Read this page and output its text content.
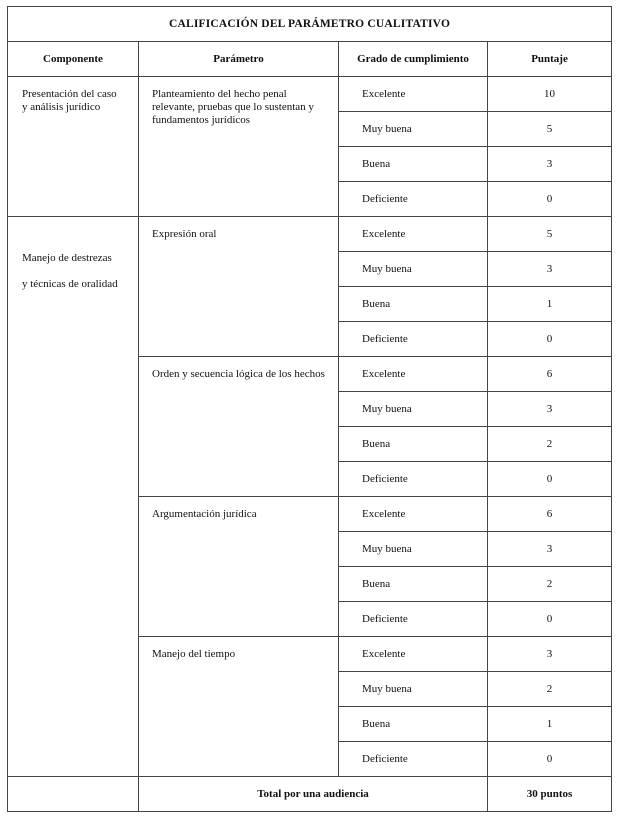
CALIFICACIÓN DEL PARÁMETRO CUALITATIVO			
Componente	Parámetro	Grado de cumplimiento	Puntaje

Presentación del caso
y análisis jurídico	Planteamiento del hecho penal relevante, pruebas que lo sustentan y fundamentos jurídicos	Excelente	10
		Muy buena	5
		Buena	3
		Deficiente	0

Manejo de destrezas
y técnicas de oralidad	Expresión oral	Excelente	5
		Muy buena	3
		Buena	1
		Deficiente	0
	Orden y secuencia lógica de los hechos	Excelente	6
		Muy buena	3
		Buena	2
		Deficiente	0
	Argumentación jurídica	Excelente	6
		Muy buena	3
		Buena	2
		Deficiente	0
	Manejo del tiempo	Excelente	3
		Muy buena	2
		Buena	1
		Deficiente	0
	Total por una audiencia		30 puntos
